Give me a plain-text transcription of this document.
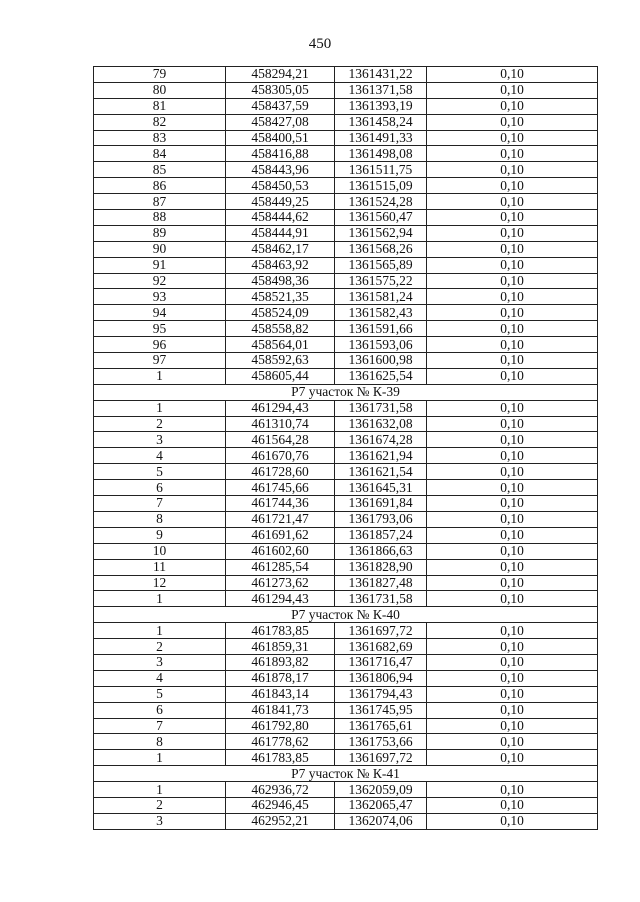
450
79	458294,21	1361431,22	0,10
80	458305,05	1361371,58	0,10
81	458437,59	1361393,19	0,10
82	458427,08	1361458,24	0,10
83	458400,51	1361491,33	0,10
84	458416,88	1361498,08	0,10
85	458443,96	1361511,75	0,10
86	458450,53	1361515,09	0,10
87	458449,25	1361524,28	0,10
88	458444,62	1361560,47	0,10
89	458444,91	1361562,94	0,10
90	458462,17	1361568,26	0,10
91	458463,92	1361565,89	0,10
92	458498,36	1361575,22	0,10
93	458521,35	1361581,24	0,10
94	458524,09	1361582,43	0,10
95	458558,82	1361591,66	0,10
96	458564,01	1361593,06	0,10
97	458592,63	1361600,98	0,10
1	458605,44	1361625,54	0,10
Р7 участок № К-39			
1	461294,43	1361731,58	0,10
2	461310,74	1361632,08	0,10
3	461564,28	1361674,28	0,10
4	461670,76	1361621,94	0,10
5	461728,60	1361621,54	0,10
6	461745,66	1361645,31	0,10
7	461744,36	1361691,84	0,10
8	461721,47	1361793,06	0,10
9	461691,62	1361857,24	0,10
10	461602,60	1361866,63	0,10
11	461285,54	1361828,90	0,10
12	461273,62	1361827,48	0,10
1	461294,43	1361731,58	0,10
Р7 участок № К-40			
1	461783,85	1361697,72	0,10
2	461859,31	1361682,69	0,10
3	461893,82	1361716,47	0,10
4	461878,17	1361806,94	0,10
5	461843,14	1361794,43	0,10
6	461841,73	1361745,95	0,10
7	461792,80	1361765,61	0,10
8	461778,62	1361753,66	0,10
1	461783,85	1361697,72	0,10
Р7 участок № К-41			
1	462936,72	1362059,09	0,10
2	462946,45	1362065,47	0,10
3	462952,21	1362074,06	0,10
